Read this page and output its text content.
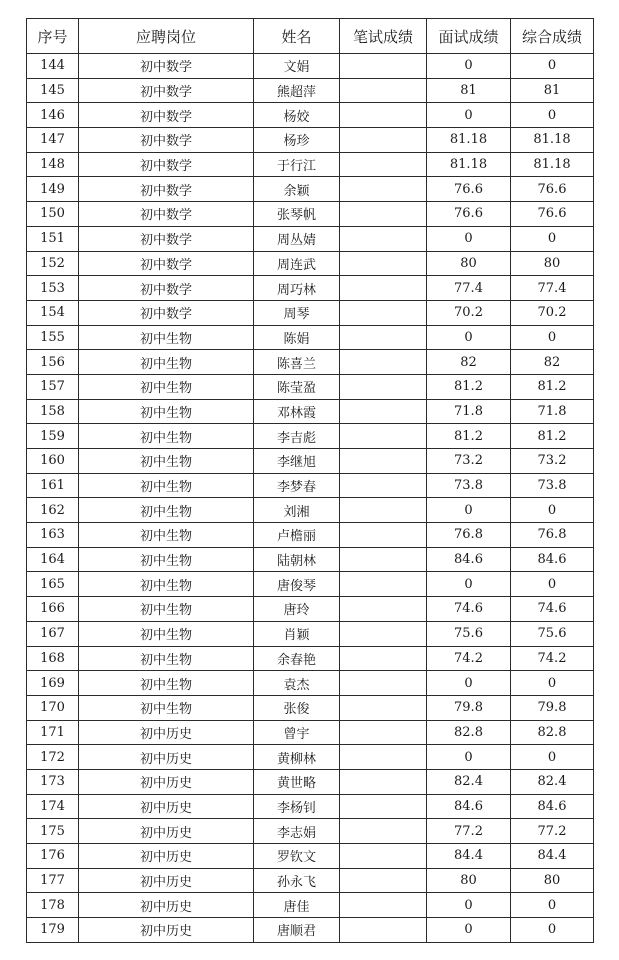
序号	应聘岗位	姓名	笔试成绩	面试成绩	综合成绩
144	初中数学	文娟		0	0
145	初中数学	熊超萍		81	81
146	初中数学	杨姣		0	0
147	初中数学	杨珍		81.18	81.18
148	初中数学	于行江		81.18	81.18
149	初中数学	余颖		76.6	76.6
150	初中数学	张琴帆		76.6	76.6
151	初中数学	周丛婧		0	0
152	初中数学	周连武		80	80
153	初中数学	周巧林		77.4	77.4
154	初中数学	周琴		70.2	70.2
155	初中生物	陈娟		0	0
156	初中生物	陈喜兰		82	82
157	初中生物	陈莹盈		81.2	81.2
158	初中生物	邓林霞		71.8	71.8
159	初中生物	李吉彪		81.2	81.2
160	初中生物	李继旭		73.2	73.2
161	初中生物	李梦春		73.8	73.8
162	初中生物	刘湘		0	0
163	初中生物	卢檐丽		76.8	76.8
164	初中生物	陆朝林		84.6	84.6
165	初中生物	唐俊琴		0	0
166	初中生物	唐玲		74.6	74.6
167	初中生物	肖颖		75.6	75.6
168	初中生物	余春艳		74.2	74.2
169	初中生物	袁杰		0	0
170	初中生物	张俊		79.8	79.8
171	初中历史	曾宇		82.8	82.8
172	初中历史	黄柳林		0	0
173	初中历史	黄世略		82.4	82.4
174	初中历史	李杨钊		84.6	84.6
175	初中历史	李志娟		77.2	77.2
176	初中历史	罗钦文		84.4	84.4
177	初中历史	孙永飞		80	80
178	初中历史	唐佳		0	0
179	初中历史	唐顺君		0	0
